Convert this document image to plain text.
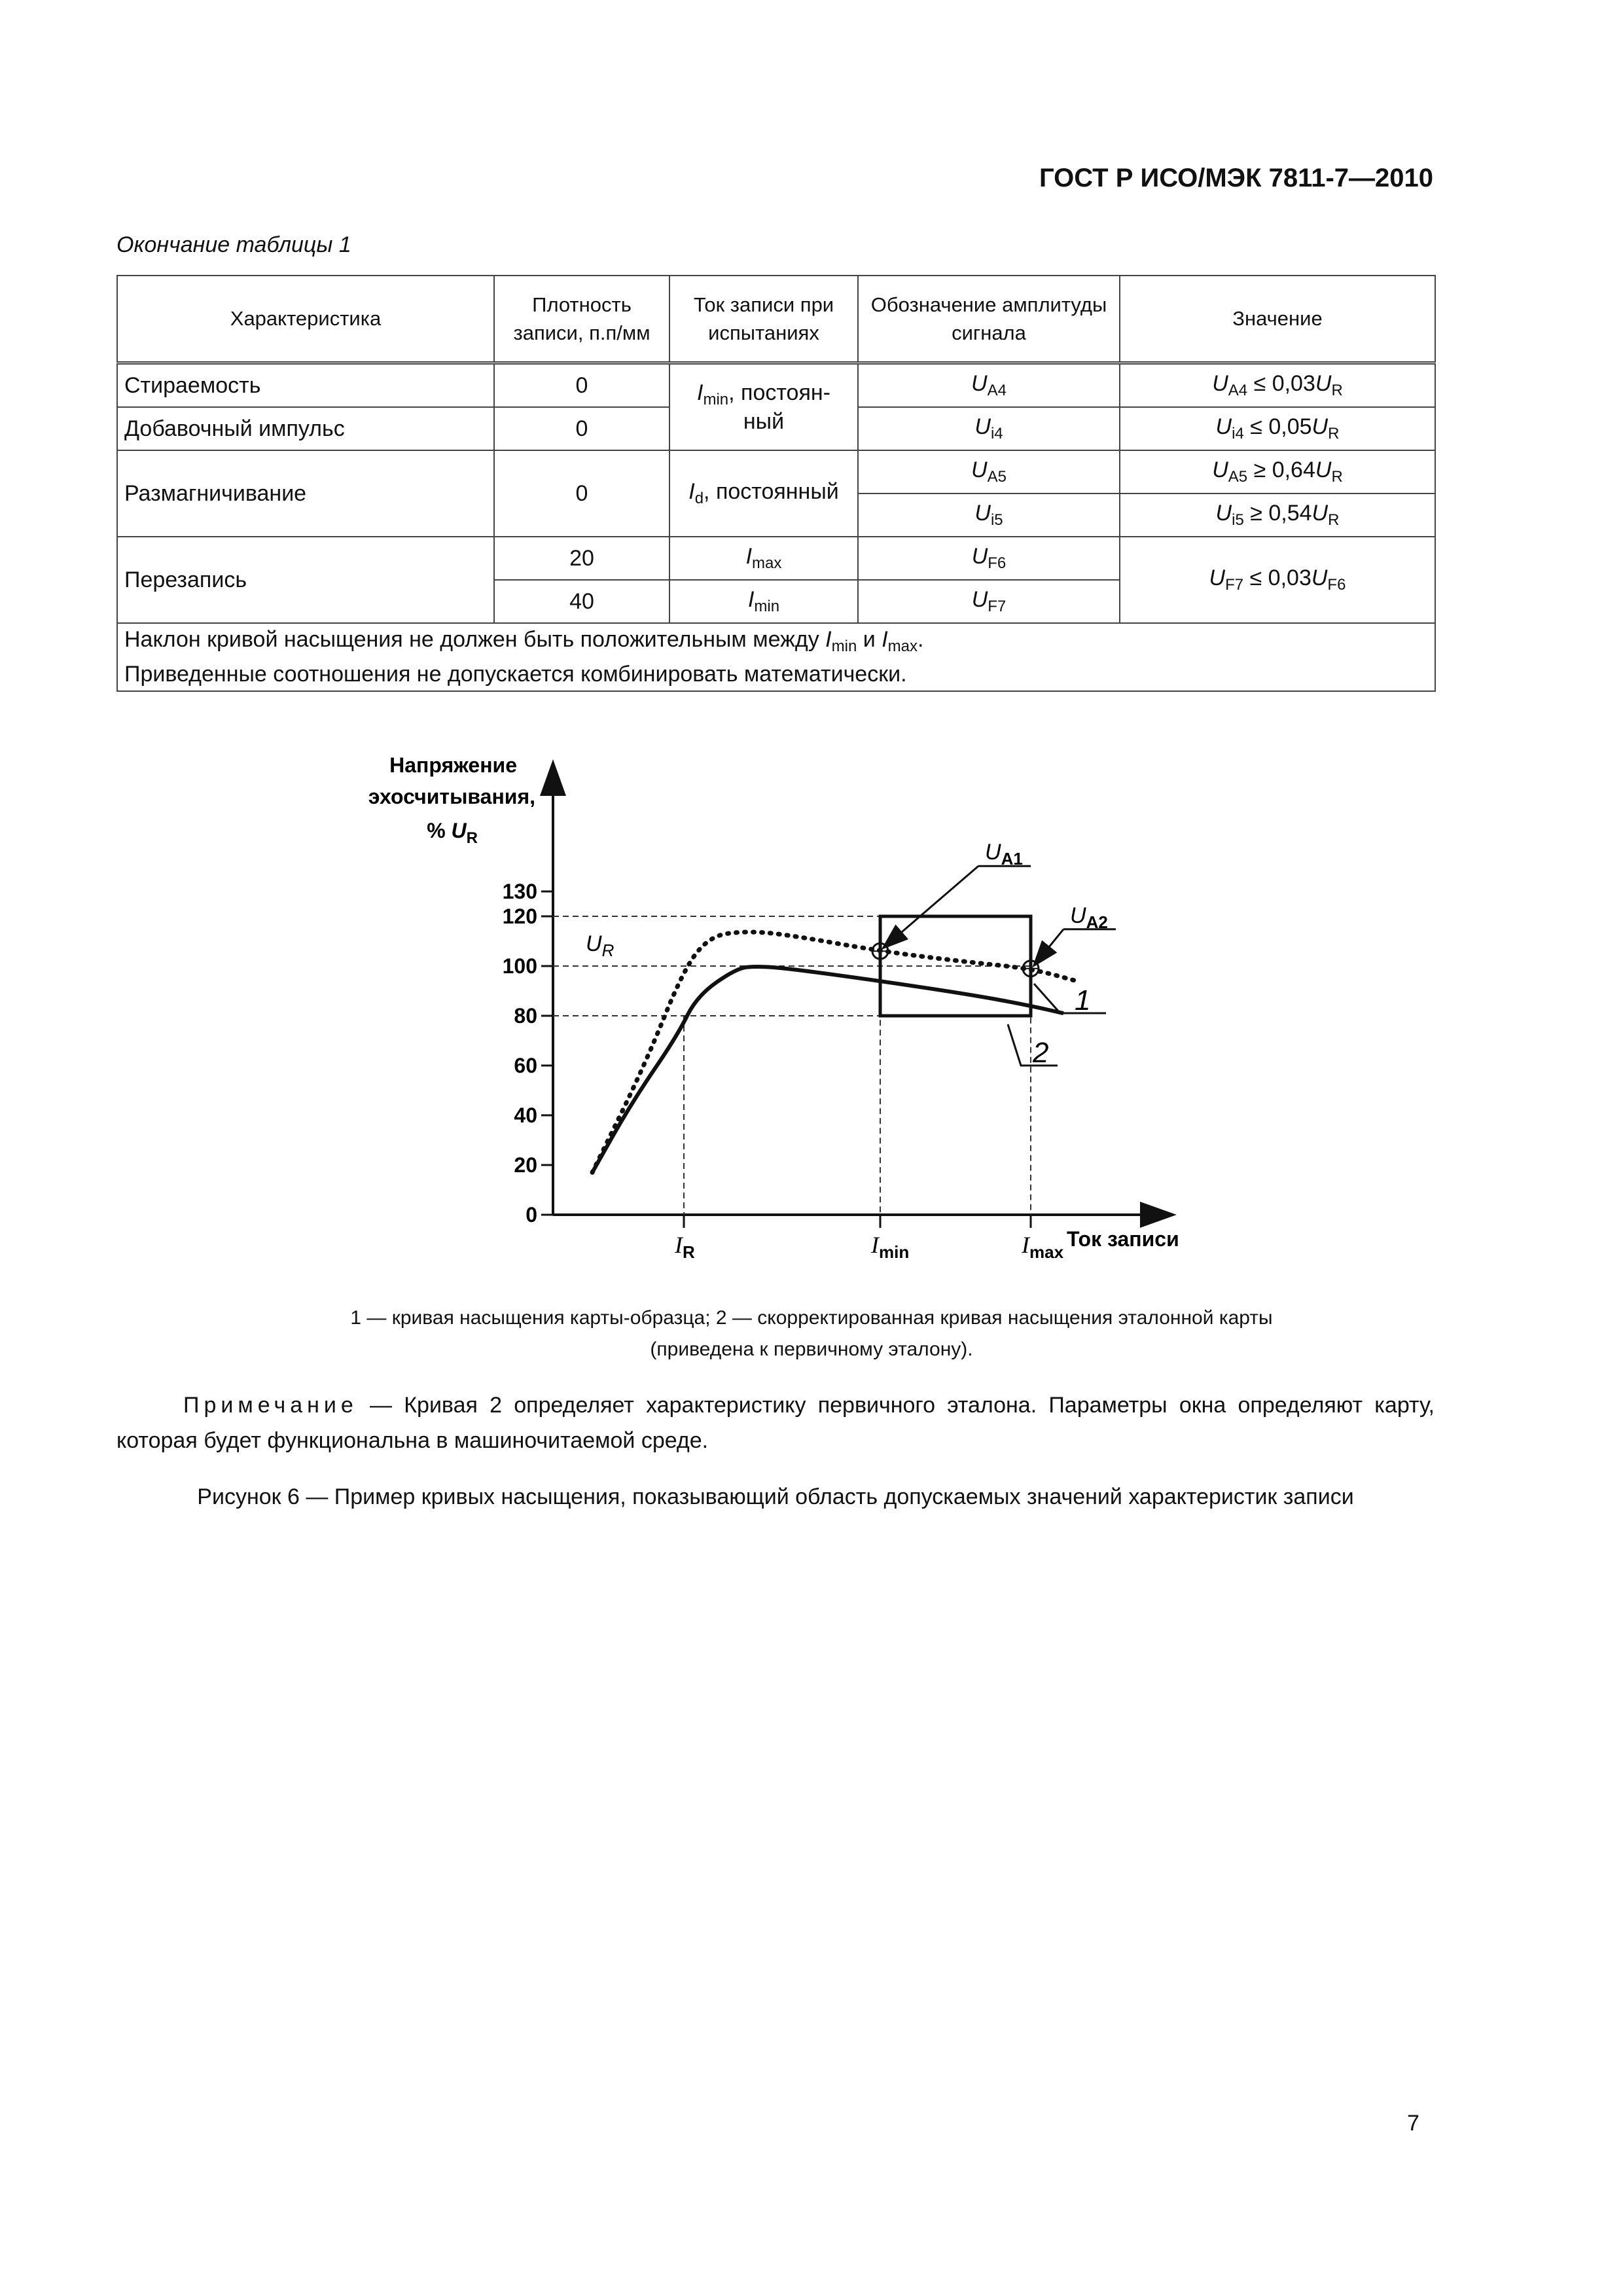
ГОСТ Р ИСО/МЭК 7811-7—2010
Окончание таблицы 1
Характеристика	Плотность записи, п.п/мм	Ток записи при испытаниях	Обозначение амплитуды сигнала	Значение
Стираемость	0	$I_{min}$, постоян-ный	$U_{A4}$	$U_{A4} \le 0,03U_R$
Добавочный импульс	0		$U_{i4}$	$U_{i4} \le 0,05U_R$
Размагничивание	0	$I_d$, постоянный	$U_{A5}$	$U_{A5} \ge 0,64U_R$
			$U_{i5}$	$U_{i5} \ge 0,54U_R$
Перезапись	20	$I_{max}$	$U_{F6}$	$U_{F7} \le 0,03U_{F6}$
	40	$I_{min}$	$U_{F7}$
Наклон кривой насыщения не должен быть положительным между $I_{min}$ и $I_{max}$.
Приведенные соотношения не допускается комбинировать математически.				
Напряжение
эхосчитывания,
% $U_R$
Ток записи
0
20
40
60
80
100
120
130
$I_R$	$I_{min}$	$I_{max}$
$U_{A1}$
$U_{A2}$
$U_R$
1
2
1 — кривая насыщения карты-образца; 2 — скорректированная кривая насыщения эталонной карты
(приведена к первичному эталону).
Примечание — Кривая 2 определяет характеристику первичного эталона. Параметры окна определяют карту, которая будет функциональна в машиночитаемой среде.
Рисунок 6 — Пример кривых насыщения, показывающий область допускаемых значений характеристик записи
7
